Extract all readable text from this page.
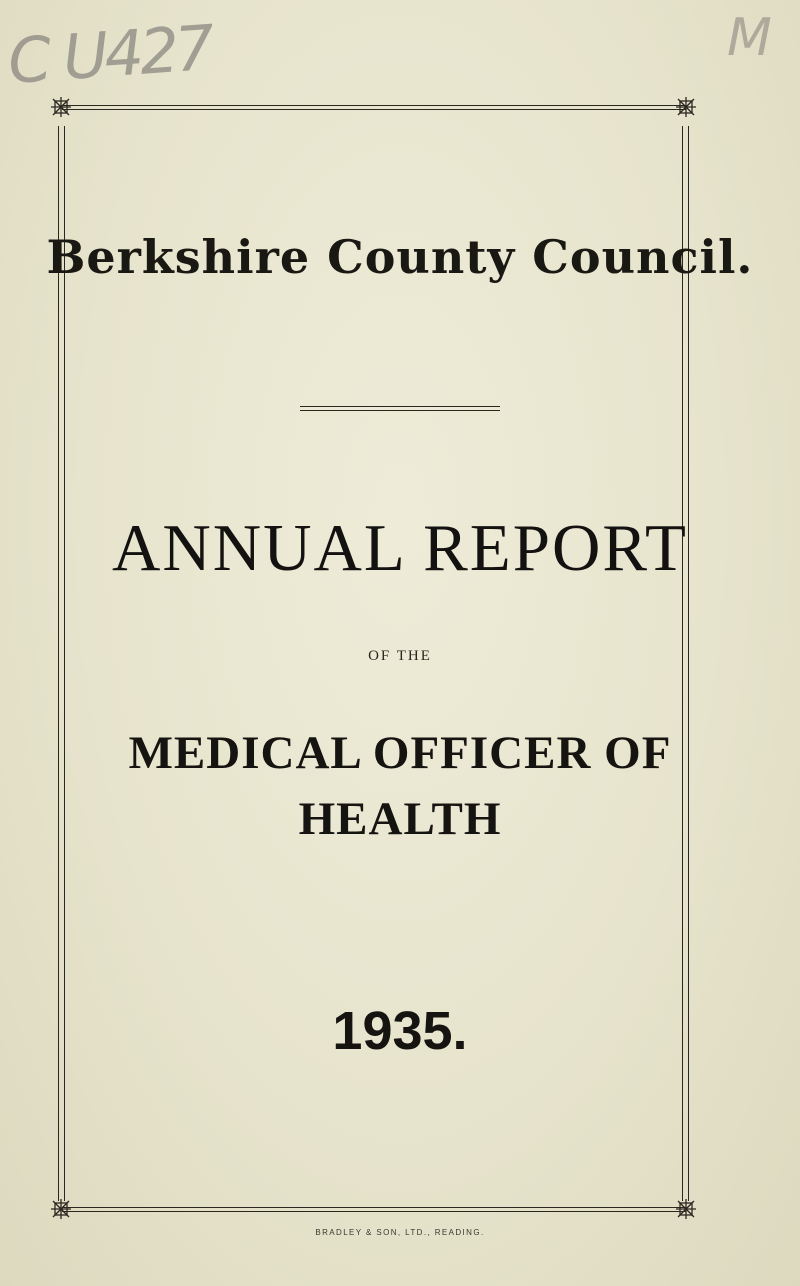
C U427	M
Berkshire County Council.
ANNUAL REPORT
OF THE
MEDICAL OFFICER OF
HEALTH
1935.
BRADLEY & SON, LTD., READING.
